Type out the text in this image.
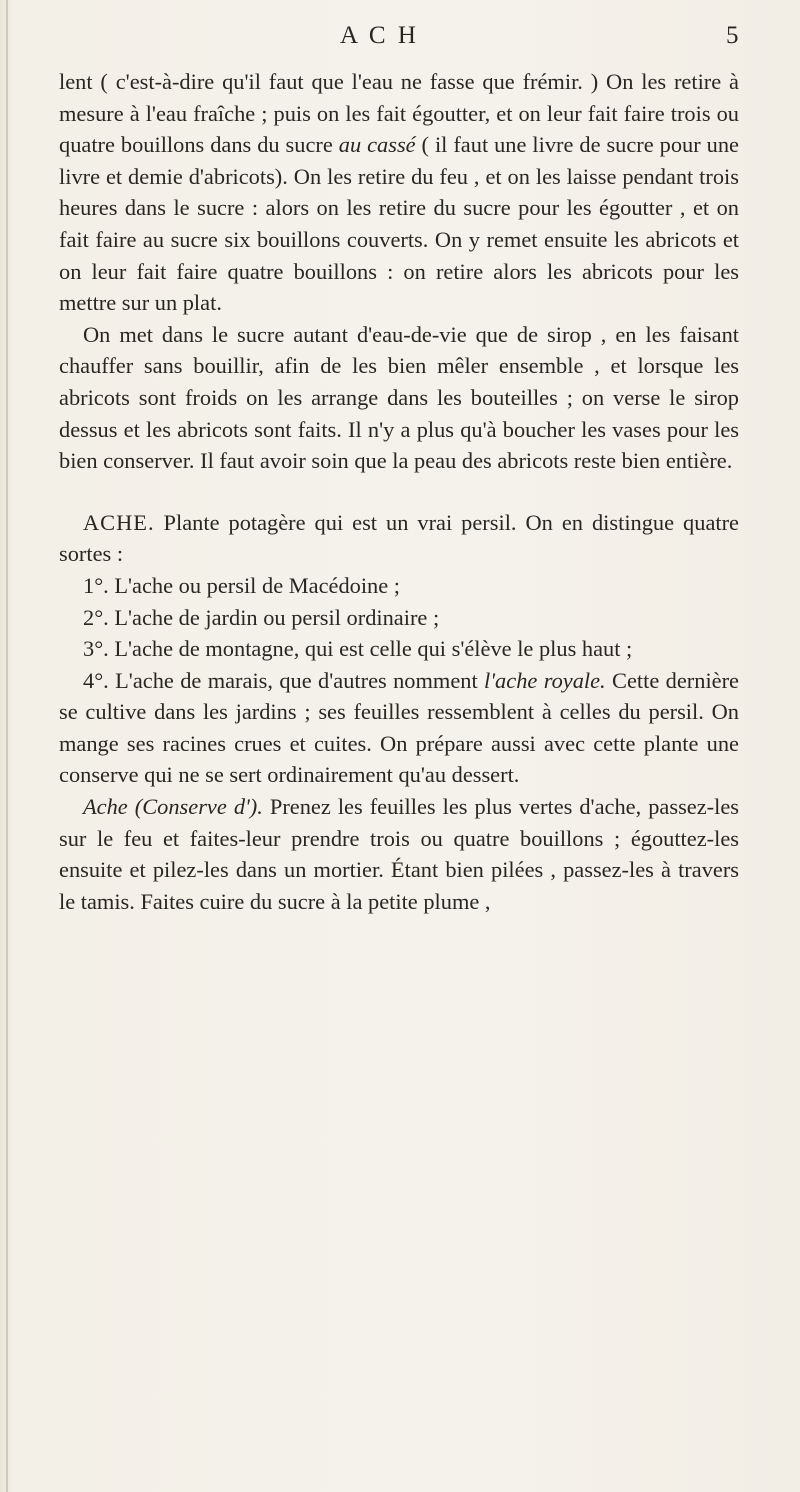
A C H	5

lent ( c'est-à-dire qu'il faut que l'eau ne fasse que frémir. ) On les retire à mesure à l'eau fraîche ; puis on les fait égoutter, et on leur fait faire trois ou quatre bouillons dans du sucre au cassé ( il faut une livre de sucre pour une livre et demie d'abricots). On les retire du feu , et on les laisse pendant trois heures dans le sucre : alors on les retire du sucre pour les égoutter , et on fait faire au sucre six bouillons couverts. On y remet ensuite les abricots et on leur fait faire quatre bouillons : on retire alors les abricots pour les mettre sur un plat.

On met dans le sucre autant d'eau-de-vie que de sirop , en les faisant chauffer sans bouillir, afin de les bien mêler ensemble , et lorsque les abricots sont froids on les arrange dans les bouteilles ; on verse le sirop dessus et les abricots sont faits. Il n'y a plus qu'à boucher les vases pour les bien conserver. Il faut avoir soin que la peau des abricots reste bien entière.

ACHE. Plante potagère qui est un vrai persil. On en distingue quatre sortes :

1°. L'ache ou persil de Macédoine ;

2°. L'ache de jardin ou persil ordinaire ;

3°. L'ache de montagne, qui est celle qui s'élève le plus haut ;

4°. L'ache de marais, que d'autres nomment l'ache royale. Cette dernière se cultive dans les jardins ; ses feuilles ressemblent à celles du persil. On mange ses racines crues et cuites. On prépare aussi avec cette plante une conserve qui ne se sert ordinairement qu'au dessert.

Ache (Conserve d'). Prenez les feuilles les plus vertes d'ache, passez-les sur le feu et faites-leur prendre trois ou quatre bouillons ; égouttez-les ensuite et pilez-les dans un mortier. Étant bien pilées , passez-les à travers le tamis. Faites cuire du sucre à la petite plume ,
